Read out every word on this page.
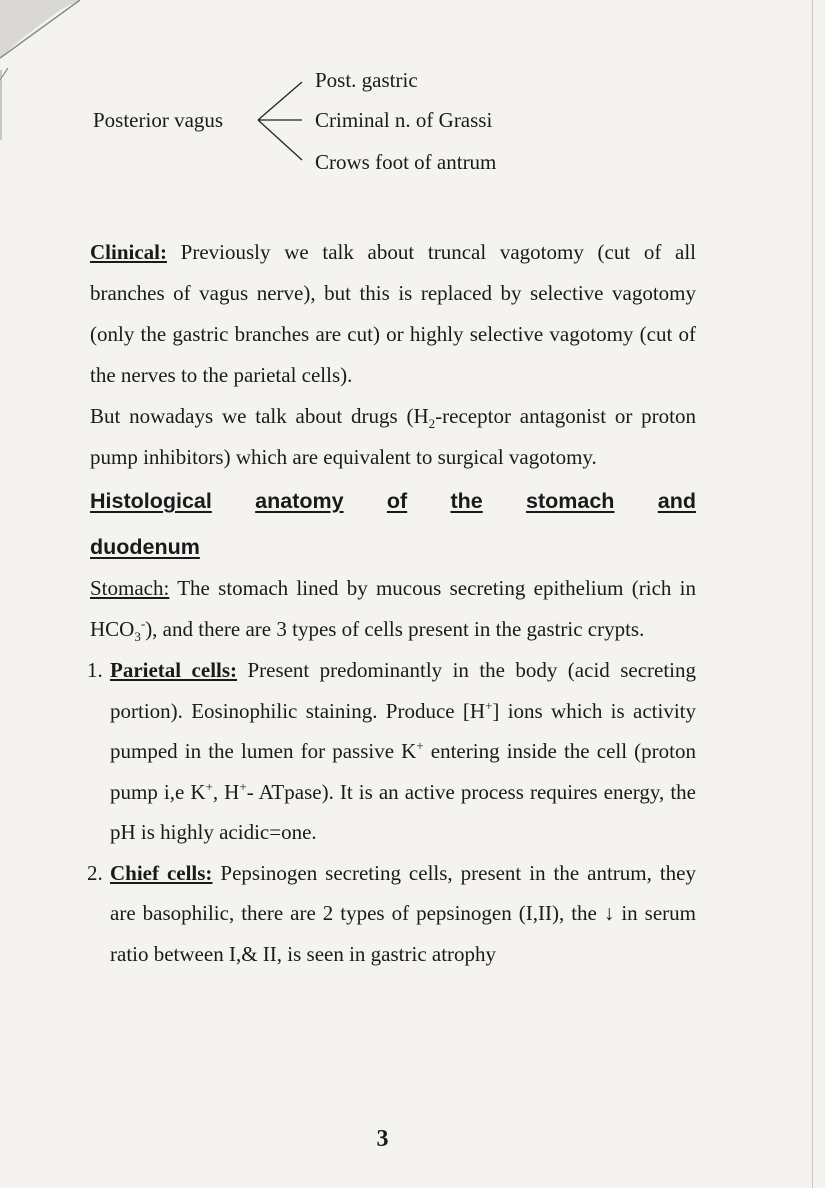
Posterior vagus
Post. gastric
Criminal n. of Grassi
Crows foot of antrum

Clinical: Previously we talk about truncal vagotomy (cut of all branches of vagus nerve), but this is replaced by selective vagotomy (only the gastric branches are cut) or highly selective vagotomy (cut of the nerves to the parietal cells).

But nowadays we talk about drugs ($H_2$-receptor antagonist or proton pump inhibitors) which are equivalent to surgical vagotomy.

Histological anatomy of the stomach and
duodenum

Stomach: The stomach lined by mucous secreting epithelium (rich in $HCO_3^-$), and there are 3 types of cells present in the gastric crypts.

1. Parietal cells: Present predominantly in the body (acid secreting portion). Eosinophilic staining. Produce [H+] ions which is activity pumped in the lumen for passive K+ entering inside the cell (proton pump i,e K+, H+- ATpase). It is an active process requires energy, the pH is highly acidic=one.
2. Chief cells: Pepsinogen secreting cells, present in the antrum, they are basophilic, there are 2 types of pepsinogen (I,II), the ↓ in serum ratio between I,& II, is seen in gastric atrophy
3
